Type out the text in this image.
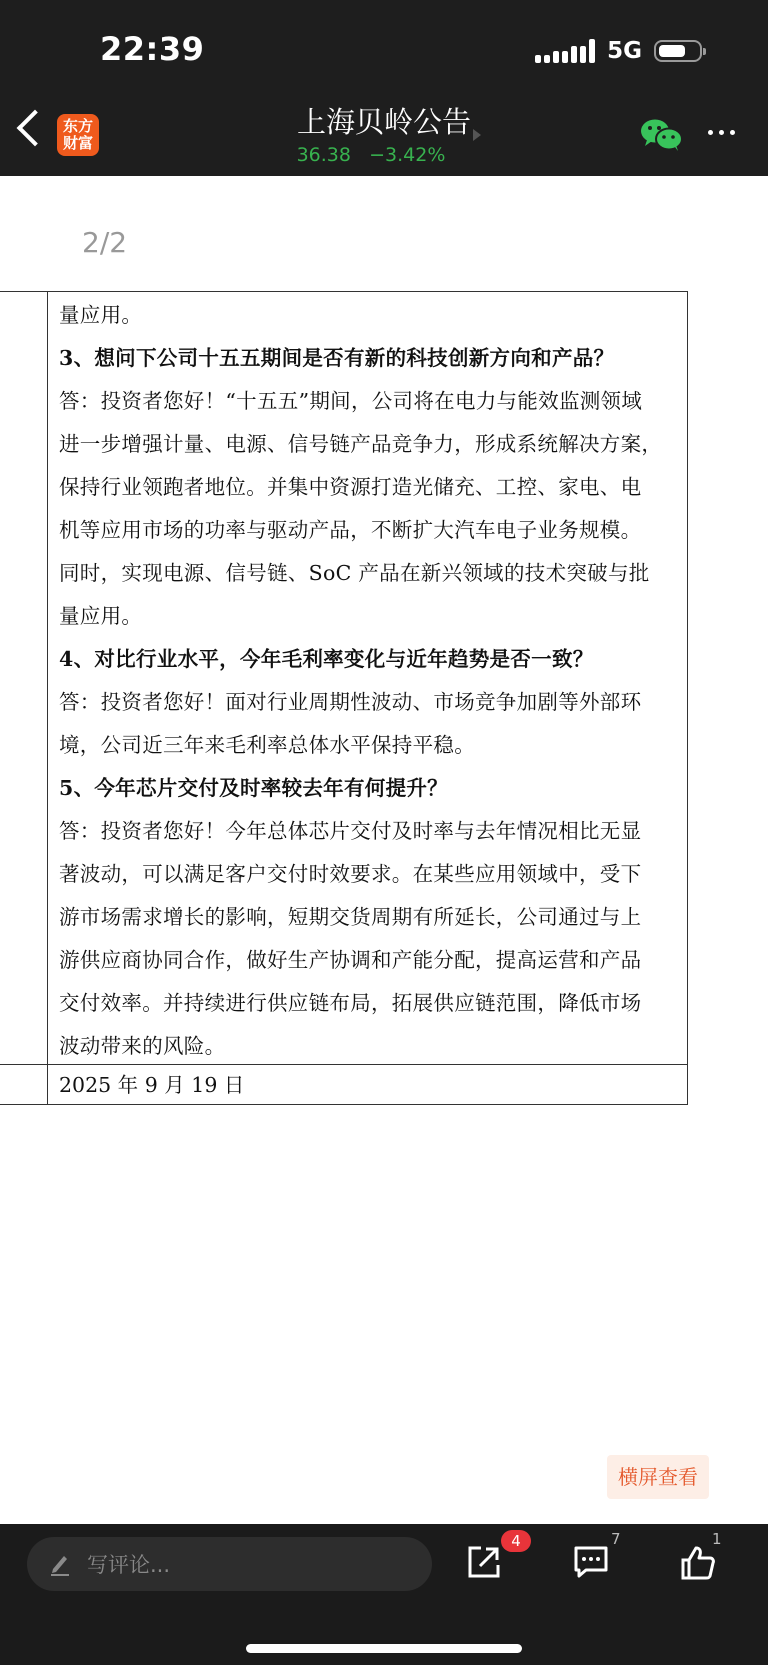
22:39	5G
东方
财富
上海贝岭公告
36.38 −3.42%
2/2
量应用。
3、想问下公司十五五期间是否有新的科技创新方向和产品？
答：投资者您好！“十五五”期间，公司将在电力与能效监测领域
进一步增强计量、电源、信号链产品竞争力，形成系统解决方案，
保持行业领跑者地位。并集中资源打造光储充、工控、家电、电
机等应用市场的功率与驱动产品，不断扩大汽车电子业务规模。
同时，实现电源、信号链、SoC 产品在新兴领域的技术突破与批
量应用。
4、对比行业水平，今年毛利率变化与近年趋势是否一致？
答：投资者您好！面对行业周期性波动、市场竞争加剧等外部环
境，公司近三年来毛利率总体水平保持平稳。
5、今年芯片交付及时率较去年有何提升？
答：投资者您好！今年总体芯片交付及时率与去年情况相比无显
著波动，可以满足客户交付时效要求。在某些应用领域中，受下
游市场需求增长的影响，短期交货周期有所延长，公司通过与上
游供应商协同合作，做好生产协调和产能分配，提高运营和产品
交付效率。并持续进行供应链布局，拓展供应链范围，降低市场
波动带来的风险。
2025 年 9 月 19 日
横屏查看
写评论...
4	7	1
